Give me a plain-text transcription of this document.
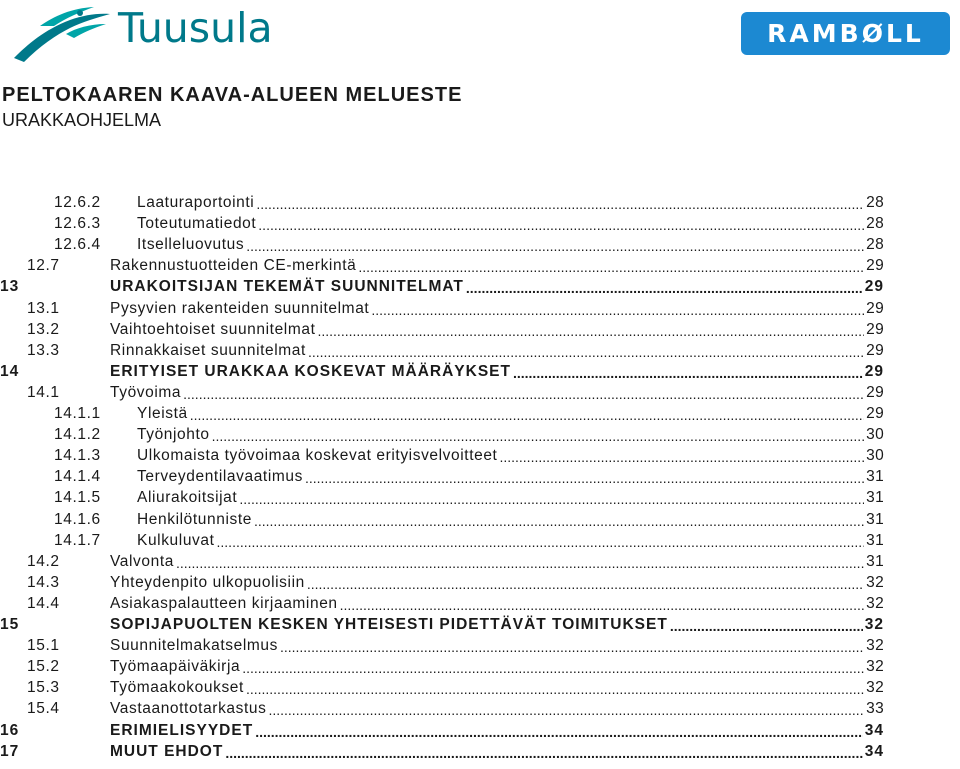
Tuusula	RAMBØLL
PELTOKAAREN KAAVA-ALUEEN MELUESTE
URAKKAOHJELMA
12.6.2	Laaturaportointi .....	28
12.6.3	Toteutumatiedot .....	28
12.6.4	Itselleluovutus .....	28
12.7	Rakennustuotteiden CE-merkintä .....	29
13	URAKOITSIJAN TEKEMÄT SUUNNITELMAT .....	29
13.1	Pysyvien rakenteiden suunnitelmat .....	29
13.2	Vaihtoehtoiset suunnitelmat .....	29
13.3	Rinnakkaiset suunnitelmat .....	29
14	ERITYISET URAKKAA KOSKEVAT MÄÄRÄYKSET .....	29
14.1	Työvoima .....	29
14.1.1	Yleistä .....	29
14.1.2	Työnjohto .....	30
14.1.3	Ulkomaista työvoimaa koskevat erityisvelvoitteet .....	30
14.1.4	Terveydentilavaatimus .....	31
14.1.5	Aliurakoitsijat .....	31
14.1.6	Henkilötunniste .....	31
14.1.7	Kulkuluvat .....	31
14.2	Valvonta .....	31
14.3	Yhteydenpito ulkopuolisiin .....	32
14.4	Asiakaspalautteen kirjaaminen .....	32
15	SOPIJAPUOLTEN KESKEN YHTEISESTI PIDETTÄVÄT TOIMITUKSET .....	32
15.1	Suunnitelmakatselmus .....	32
15.2	Työmaapäiväkirja .....	32
15.3	Työmaakokoukset .....	32
15.4	Vastaanottotarkastus .....	33
16	ERIMIELISYYDET .....	34
17	MUUT EHDOT .....	34
